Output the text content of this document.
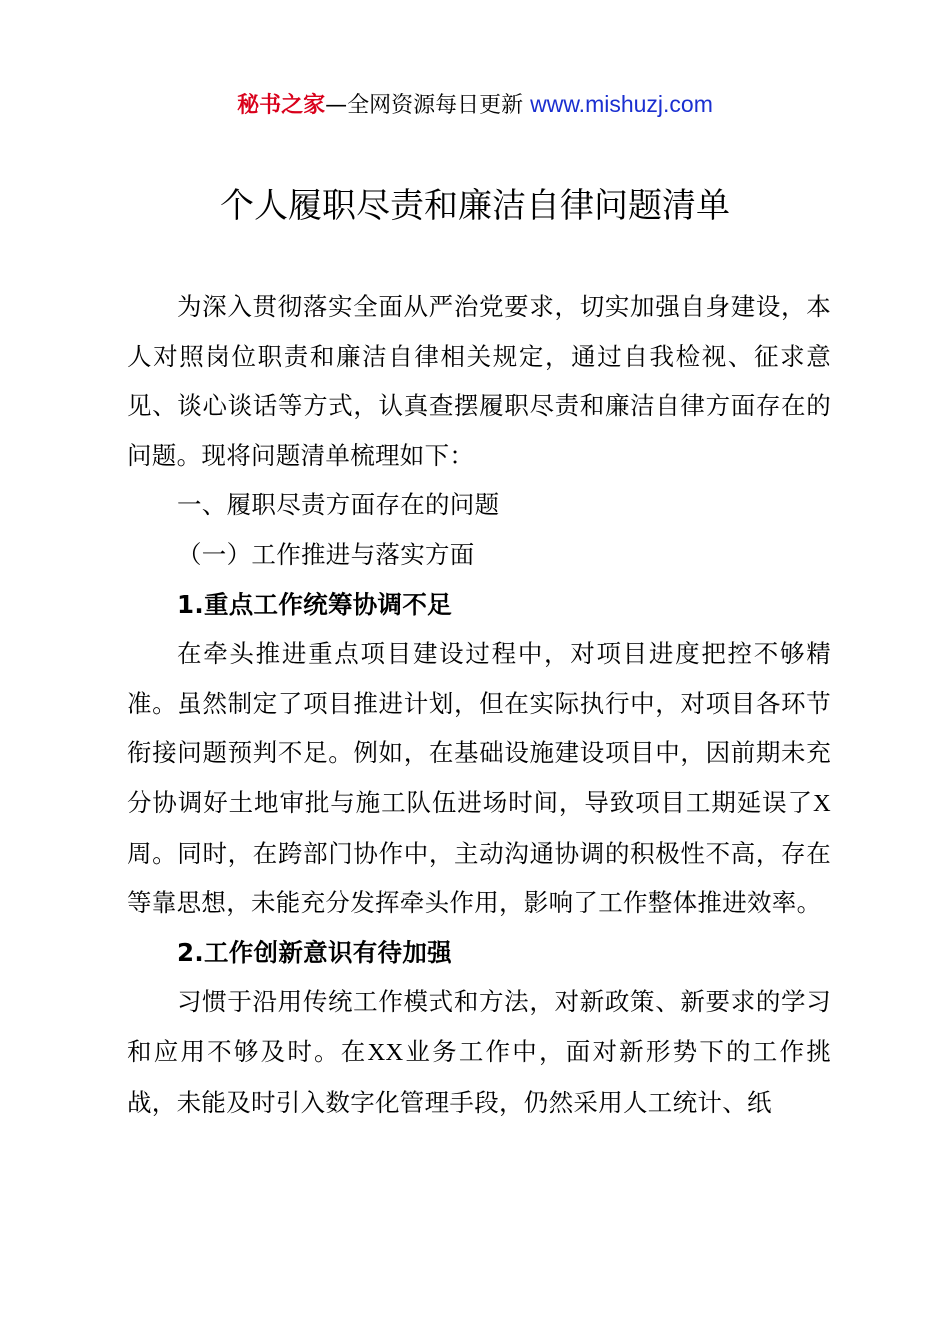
秘书之家—全网资源每日更新 www.mishuzj.com
个人履职尽责和廉洁自律问题清单

为深入贯彻落实全面从严治党要求，切实加强自身建设，本人对照岗位职责和廉洁自律相关规定，通过自我检视、征求意见、谈心谈话等方式，认真查摆履职尽责和廉洁自律方面存在的问题。现将问题清单梳理如下：

一、履职尽责方面存在的问题

（一）工作推进与落实方面

1.重点工作统筹协调不足

在牵头推进重点项目建设过程中，对项目进度把控不够精准。虽然制定了项目推进计划，但在实际执行中，对项目各环节衔接问题预判不足。例如，在基础设施建设项目中，因前期未充分协调好土地审批与施工队伍进场时间，导致项目工期延误了X周。同时，在跨部门协作中，主动沟通协调的积极性不高，存在等靠思想，未能充分发挥牵头作用，影响了工作整体推进效率。

2.工作创新意识有待加强

习惯于沿用传统工作模式和方法，对新政策、新要求的学习和应用不够及时。在XX业务工作中，面对新形势下的工作挑战，未能及时引入数字化管理手段，仍然采用人工统计、纸
